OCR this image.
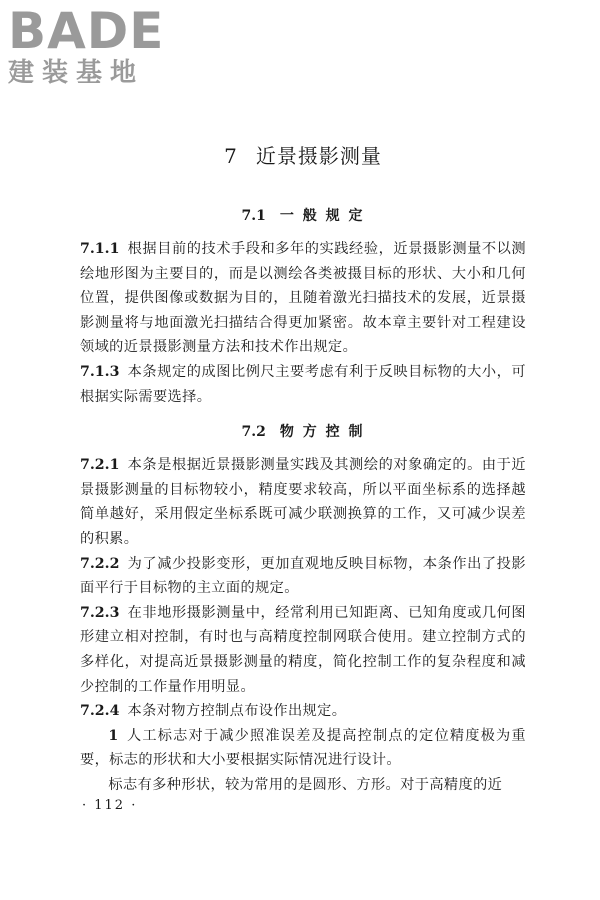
BADE
建装基地
7 近景摄影测量
7.1 一 般 规 定

7.1.1 根据目前的技术手段和多年的实践经验，近景摄影测量不以测绘地形图为主要目的，而是以测绘各类被摄目标的形状、大小和几何位置，提供图像或数据为目的，且随着激光扫描技术的发展，近景摄影测量将与地面激光扫描结合得更加紧密。故本章主要针对工程建设领域的近景摄影测量方法和技术作出规定。

7.1.3 本条规定的成图比例尺主要考虑有利于反映目标物的大小，可根据实际需要选择。

7.2 物 方 控 制

7.2.1 本条是根据近景摄影测量实践及其测绘的对象确定的。由于近景摄影测量的目标物较小，精度要求较高，所以平面坐标系的选择越简单越好，采用假定坐标系既可减少联测换算的工作，又可减少误差的积累。

7.2.2 为了减少投影变形，更加直观地反映目标物，本条作出了投影面平行于目标物的主立面的规定。

7.2.3 在非地形摄影测量中，经常利用已知距离、已知角度或几何图形建立相对控制，有时也与高精度控制网联合使用。建立控制方式的多样化，对提高近景摄影测量的精度，简化控制工作的复杂程度和减少控制的工作量作用明显。

7.2.4 本条对物方控制点布设作出规定。

1 人工标志对于减少照准误差及提高控制点的定位精度极为重要，标志的形状和大小要根据实际情况进行设计。

标志有多种形状，较为常用的是圆形、方形。对于高精度的近

· 112 ·
